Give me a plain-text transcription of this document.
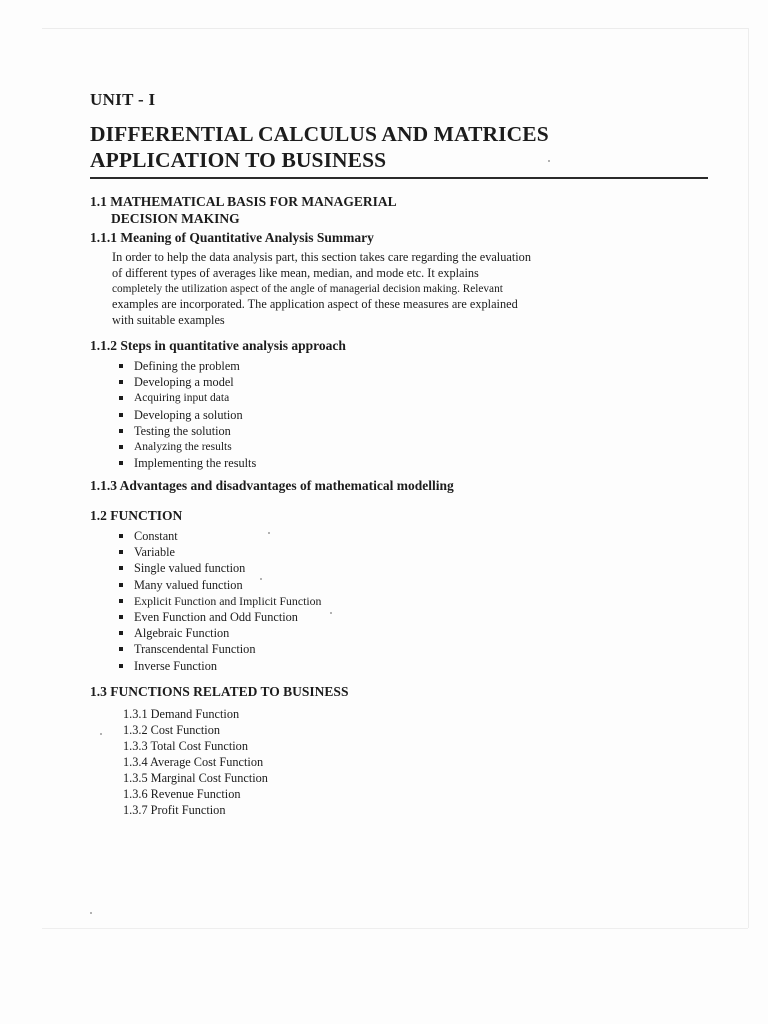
UNIT - I
DIFFERENTIAL CALCULUS AND MATRICES
APPLICATION TO BUSINESS
1.1 MATHEMATICAL BASIS FOR MANAGERIAL
DECISION MAKING
1.1.1 Meaning of Quantitative Analysis Summary
In order to help the data analysis part, this section takes care regarding the evaluation
of different types of averages like mean, median, and mode etc. It explains
completely the utilization aspect of the angle of managerial decision making. Relevant
examples are incorporated. The application aspect of these measures are explained
with suitable examples
1.1.2 Steps in quantitative analysis approach
Defining the problem
Developing a model
Acquiring input data
Developing a solution
Testing the solution
Analyzing the results
Implementing the results
1.1.3 Advantages and disadvantages of mathematical modelling
1.2 FUNCTION
Constant
Variable
Single valued function
Many valued function
Explicit Function and Implicit Function
Even Function and Odd Function
Algebraic Function
Transcendental Function
Inverse Function
1.3 FUNCTIONS RELATED TO BUSINESS
1.3.1 Demand Function
1.3.2 Cost Function
1.3.3 Total Cost Function
1.3.4 Average Cost Function
1.3.5 Marginal Cost Function
1.3.6 Revenue Function
1.3.7 Profit Function
